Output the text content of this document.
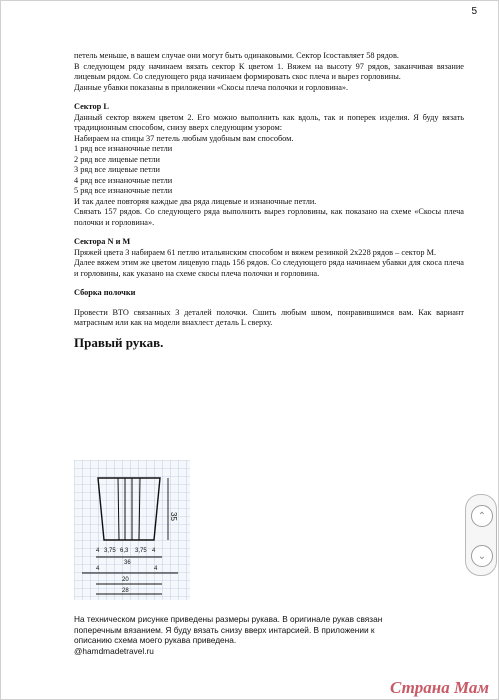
5

петель меньше, в вашем случае они могут быть одинаковыми. Сектор Iсоставляет 58 рядов.

В следующем ряду начинаем вязать сектор К цветом 1. Вяжем на высоту 97 рядов, заканчивая вязание лицевым рядом. Со следующего ряда начинаем формировать скос плеча и вырез горловины.

Данные убавки показаны в приложении «Скосы плеча полочки и горловина».

Сектор L

Данный сектор вяжем цветом 2. Его можно выполнить как вдоль, так и поперек изделия. Я буду вязать традиционным способом, снизу вверх следующим узором:

Набираем на спицы 37 петель любым удобным вам способом.

1 ряд все изнаночные петли

2 ряд все лицевые петли

3 ряд все лицевые петли

4 ряд все изнаночные петли

5 ряд все изнаночные петли

И так далее повторяя каждые два ряда лицевые и изнаночные петли.

Связать 157 рядов. Со следующего ряда выполнить вырез горловины, как показано на схеме «Скосы плеча полочки и горловина».

Сектора N и M

Пряжей цвета 3 набираем 61 петлю итальянским способом и вяжем резинкой 2х228 рядов – сектор M.

Далее вяжем этим же цветом лицевую гладь 156 рядов. Со следующего ряда начинаем убавки для скоса плеча и горловины, как указано на схеме скосы плеча полочки и горловина.

Сборка полочки

Провести ВТО связанных 3 деталей полочки. Сшить любым швом, понравившимся вам. Как вариант матрасным или как на модели внахлест деталь L сверху.

Правый рукав.

35
4 3,75 6,3 3,75 4
36
4	4
20
28

На техническом рисунке приведены размеры рукава. В оригинале рукав связан поперечным вязанием. Я буду вязать снизу вверх интарсией. В приложении к описанию схема моего рукава приведена.

@hamdmadetravel.ru

⌃
⌄
Страна Мам
